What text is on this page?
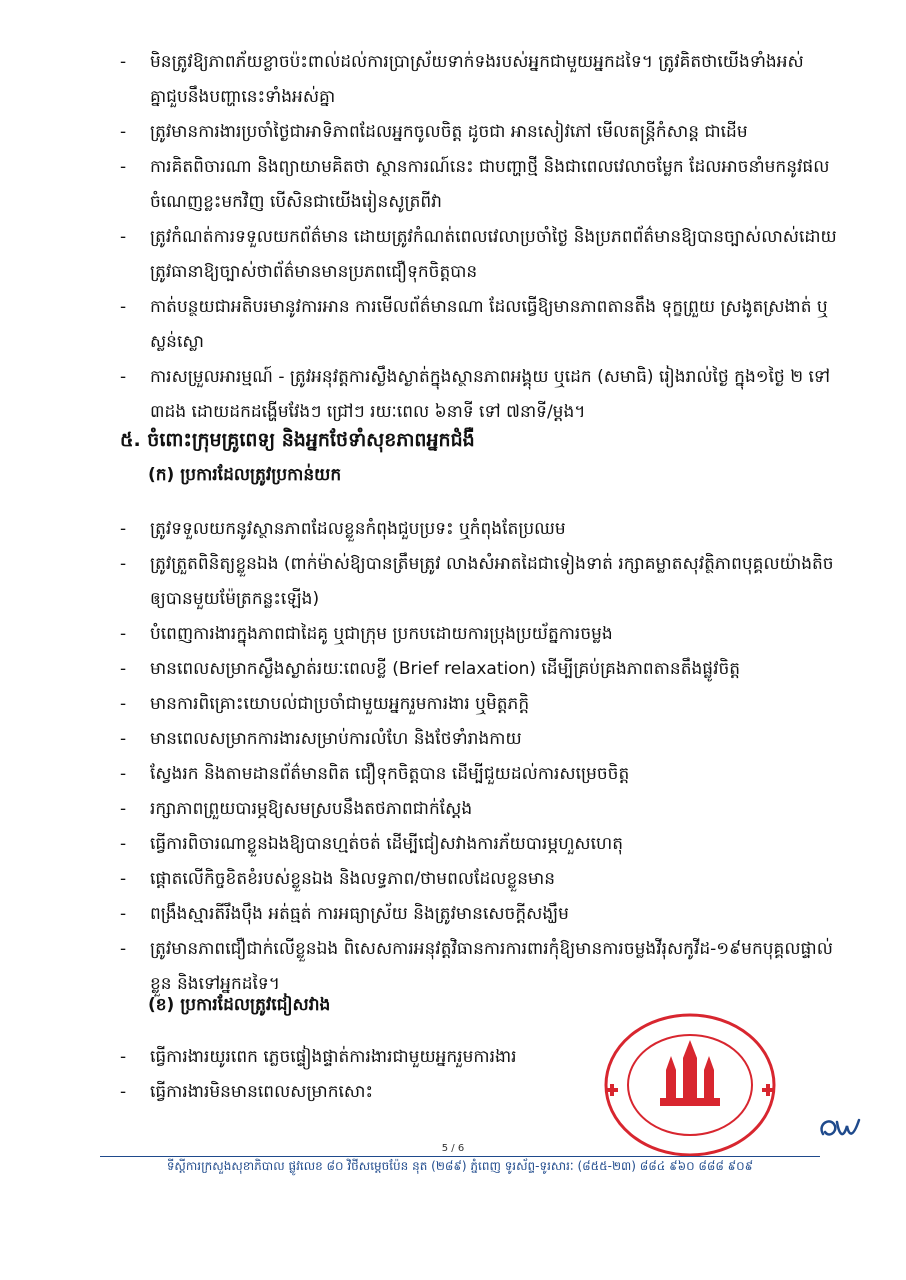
- មិនត្រូវឱ្យភាពភ័យខ្លាចប៉ះពាល់ដល់ការប្រាស្រ័យទាក់ទងរបស់អ្នកជាមួយអ្នកដទៃ។ ត្រូវគិតថាយើងទាំងអស់គ្នាជួបនឹងបញ្ហានេះទាំងអស់គ្នា
- ត្រូវមានការងារប្រចាំថ្ងៃជាអាទិភាពដែលអ្នកចូលចិត្ត ដូចជា អានសៀវភៅ មើលតន្ត្រីកំសាន្ត ជាដើម
- ការគិតពិចារណា និងព្យាយាមគិតថា ស្ថានការណ៍នេះ ជាបញ្ហាថ្មី និងជាពេលវេលាចម្លែក ដែលអាចនាំមកនូវផលចំណេញខ្លះមកវិញ បើសិនជាយើងរៀនសូត្រពីវា
- ត្រូវកំណត់ការទទួលយកព័ត៌មាន ដោយត្រូវកំណត់ពេលវេលាប្រចាំថ្ងៃ និងប្រភពព័ត៌មានឱ្យបានច្បាស់លាស់ដោយត្រូវធានាឱ្យច្បាស់ថាព័ត៌មានមានប្រភពជឿទុកចិត្តបាន
- កាត់បន្ថយជាអតិបរមានូវការអាន ការមើលព័ត៌មានណា ដែលធ្វើឱ្យមានភាពតានតឹង ទុក្ខព្រួយ ស្រងូតស្រងាត់ ឬស្លន់ស្លោ
- ការសម្រួលអារម្មណ៍ - ត្រូវអនុវត្តការស្ងឹងស្ងាត់ក្នុងស្ថានភាពអង្គុយ ឬដេក (សមាធិ) រៀងរាល់ថ្ងៃ ក្នុង១ថ្ងៃ ២ ទៅ ៣ដង ដោយដកដង្ហើមវែងៗ ជ្រៅៗ រយៈពេល ៦នាទី ទៅ ៧នាទី/ម្តង។
៥. ចំពោះក្រុមគ្រូពេទ្យ និងអ្នកថែទាំសុខភាពអ្នកជំងឺ
(ក) ប្រការដែលត្រូវប្រកាន់យក
- ត្រូវទទួលយកនូវស្ថានភាពដែលខ្លួនកំពុងជួបប្រទះ ឬកំពុងតែប្រឈម
- ត្រូវត្រួតពិនិត្យខ្លួនឯង (ពាក់ម៉ាស់ឱ្យបានត្រឹមត្រូវ លាងសំអាតដៃជាទៀងទាត់ រក្សាគម្លាតសុវត្ថិភាពបុគ្គលយ៉ាងតិចឲ្យបានមួយម៉ែត្រកន្លះឡើង)
- បំពេញការងារក្នុងភាពជាដៃគូ ឬជាក្រុម ប្រកបដោយការប្រុងប្រយ័ត្នការចម្លង
- មានពេលសម្រាកស្ងឹងស្ងាត់រយៈពេលខ្លី (Brief relaxation) ដើម្បីគ្រប់គ្រងភាពតានតឹងផ្លូវចិត្ត
- មានការពិគ្រោះយោបល់ជាប្រចាំជាមួយអ្នករួមការងារ ឬមិត្តភក្តិ
- មានពេលសម្រាកការងារសម្រាប់ការលំហែ និងថែទាំរាងកាយ
- ស្វែងរក និងតាមដានព័ត៌មានពិត ជឿទុកចិត្តបាន ដើម្បីជួយដល់ការសម្រេចចិត្ត
- រក្សាភាពព្រួយបារម្ភឱ្យសមស្របនឹងតថភាពជាក់ស្តែង
- ធ្វើការពិចារណាខ្លួនឯងឱ្យបានហ្មត់ចត់ ដើម្បីជៀសវាងការភ័យបារម្ភហួសហេតុ
- ផ្តោតលើកិច្ចខិតខំរបស់ខ្លួនឯង និងលទ្ធភាព/ថាមពលដែលខ្លួនមាន
- ពង្រឹងស្មារតីរឹងប៉ឹង អត់ធ្មត់ ការអធ្យាស្រ័យ និងត្រូវមានសេចក្តីសង្ឃឹម
- ត្រូវមានភាពជឿជាក់លើខ្លួនឯង ពិសេសការអនុវត្តវិធានការការពារកុំឱ្យមានការចម្លងវីរុសកូវីដ-១៩មកបុគ្គលផ្ទាល់ខ្លួន និងទៅអ្នកដទៃ។
(ខ) ប្រការដែលត្រូវជៀសវាង
- ធ្វើការងារយូរពេក ភ្លេចផ្ទៀងផ្ទាត់ការងារជាមួយអ្នករួមការងារ
- ធ្វើការងារមិនមានពេលសម្រាកសោះ
5 / 6
ទីស្តីការក្រសួងសុខាភិបាល ផ្លូវលេខ ៨០ វិថីសម្តេចប៉ែន នុត (២៨៩) ភ្នំពេញ ទូរស័ព្ទ-ទូរសារៈ (៨៥៥-២៣) ៨៨៤ ៩៦០ ៨៨៨ ៩០៩
